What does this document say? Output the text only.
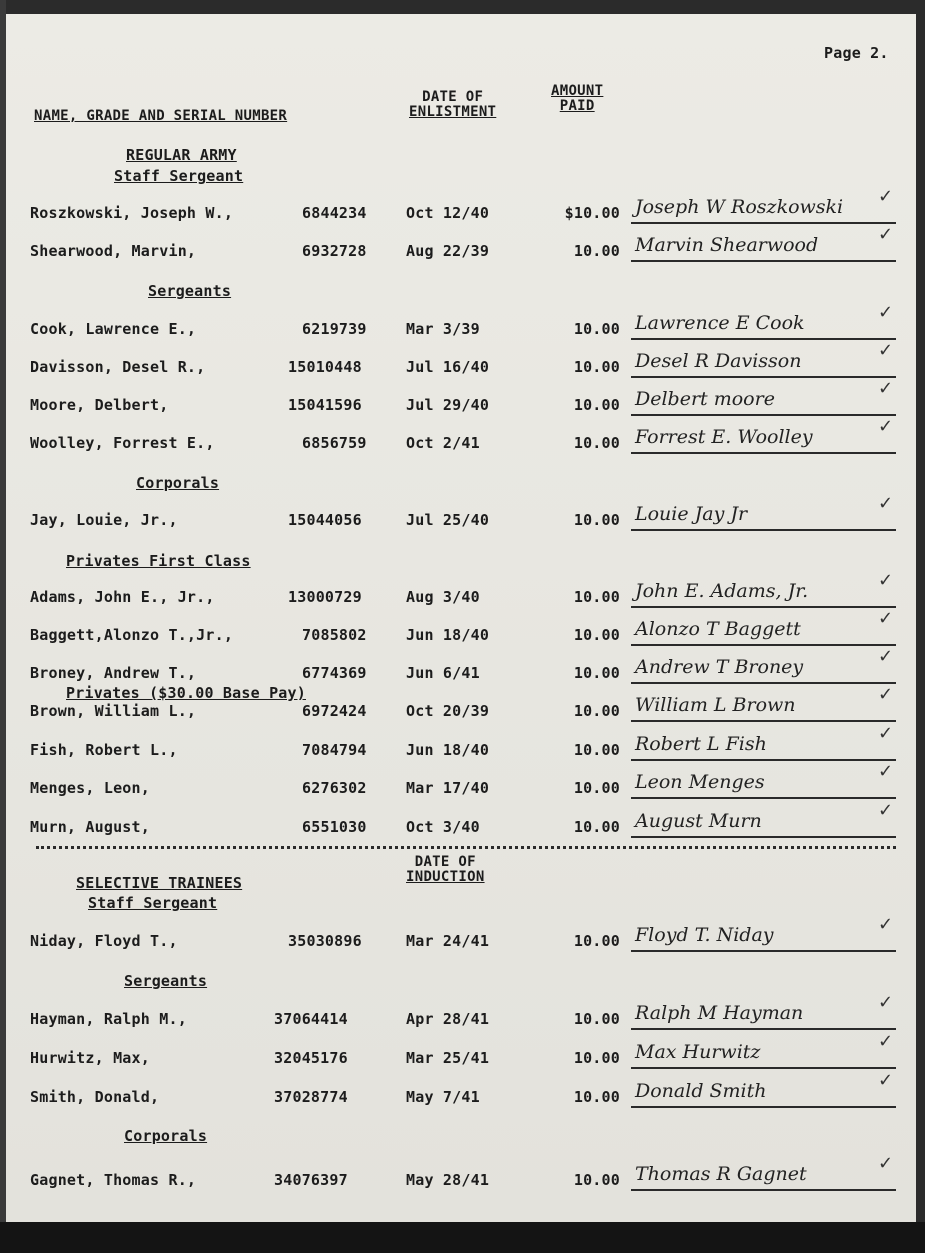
Page 2.
NAME, GRADE AND SERIAL NUMBER
DATE OF
ENLISTMENT
AMOUNT
PAID
REGULAR ARMY
Staff Sergeant
Sergeants
Corporals
Privates First Class
Privates ($30.00 Base Pay)
DATE OF
INDUCTION
SELECTIVE TRAINEES
Staff Sergeant
Sergeants
Corporals
Roszkowski, Joseph W.,	6844234	Oct 12/40	$10.00 Joseph W Roszkowski ✓
Shearwood, Marvin,	6932728	Aug 22/39	10.00 Marvin Shearwood	✓
Cook, Lawrence E.,	6219739	Mar 3/39	10.00 Lawrence E Cook	✓
Davisson, Desel R.,	15010448	Jul 16/40	10.00 Desel R Davisson	✓
Moore, Delbert,	15041596	Jul 29/40	10.00 Delbert moore	✓
Woolley, Forrest E.,	6856759	Oct 2/41	10.00 Forrest E. Woolley	✓
Jay, Louie, Jr.,	15044056	Jul 25/40	10.00 Louie Jay Jr	✓
Adams, John E., Jr.,	13000729	Aug 3/40	10.00 John E. Adams, Jr.	✓
Baggett,Alonzo T.,Jr.,	7085802	Jun 18/40	10.00 Alonzo T Baggett	✓
Broney, Andrew T.,	6774369	Jun 6/41	10.00 Andrew T Broney	✓
Brown, William L.,	6972424	Oct 20/39	10.00 William L Brown	✓
Fish, Robert L.,	7084794	Jun 18/40	10.00 Robert L Fish	✓
Menges, Leon,	6276302	Mar 17/40	10.00 Leon Menges	✓
Murn, August,	6551030	Oct 3/40	10.00 August Murn	✓
Niday, Floyd T.,	35030896	Mar 24/41	10.00 Floyd T. Niday	✓
Hayman, Ralph M.,	37064414	Apr 28/41	10.00 Ralph M Hayman	✓
Hurwitz, Max,	32045176	Mar 25/41	10.00 Max Hurwitz	✓
Smith, Donald,	37028774	May 7/41	10.00 Donald Smith	✓
Gagnet, Thomas R.,	34076397	May 28/41	10.00 Thomas R Gagnet	✓
